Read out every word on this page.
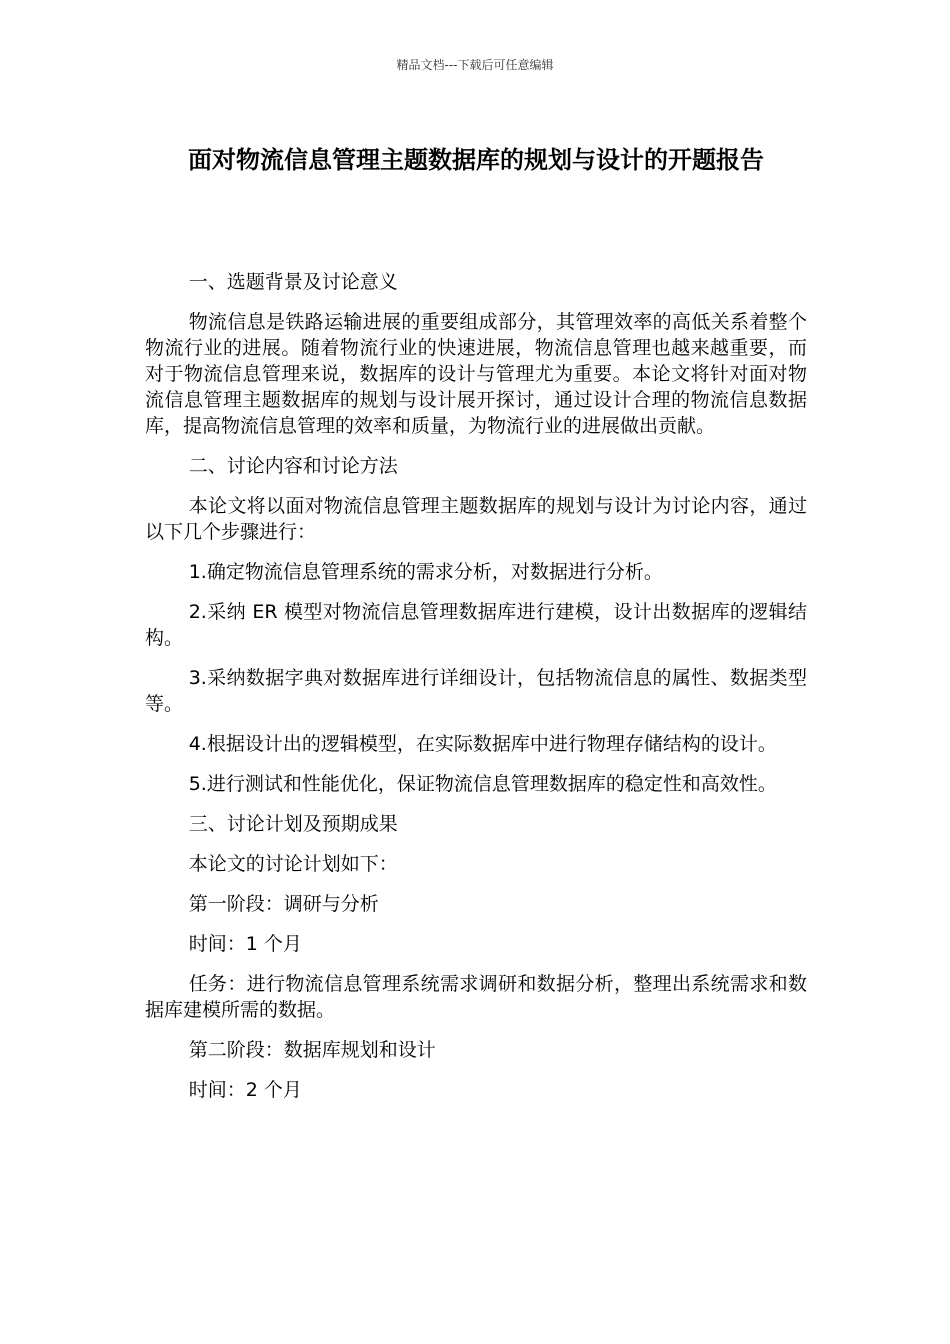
精品文档---下载后可任意编辑
面对物流信息管理主题数据库的规划与设计的开题报告

一、选题背景及讨论意义

物流信息是铁路运输进展的重要组成部分，其管理效率的高低关系着整个物流行业的进展。随着物流行业的快速进展，物流信息管理也越来越重要，而对于物流信息管理来说，数据库的设计与管理尤为重要。本论文将针对面对物流信息管理主题数据库的规划与设计展开探讨，通过设计合理的物流信息数据库，提高物流信息管理的效率和质量，为物流行业的进展做出贡献。

二、讨论内容和讨论方法

本论文将以面对物流信息管理主题数据库的规划与设计为讨论内容，通过以下几个步骤进行：

1.确定物流信息管理系统的需求分析，对数据进行分析。

2.采纳 ER 模型对物流信息管理数据库进行建模，设计出数据库的逻辑结构。

3.采纳数据字典对数据库进行详细设计，包括物流信息的属性、数据类型等。

4.根据设计出的逻辑模型，在实际数据库中进行物理存储结构的设计。

5.进行测试和性能优化，保证物流信息管理数据库的稳定性和高效性。

三、讨论计划及预期成果

本论文的讨论计划如下：

第一阶段：调研与分析

时间：1 个月

任务：进行物流信息管理系统需求调研和数据分析，整理出系统需求和数据库建模所需的数据。

第二阶段：数据库规划和设计

时间：2 个月
